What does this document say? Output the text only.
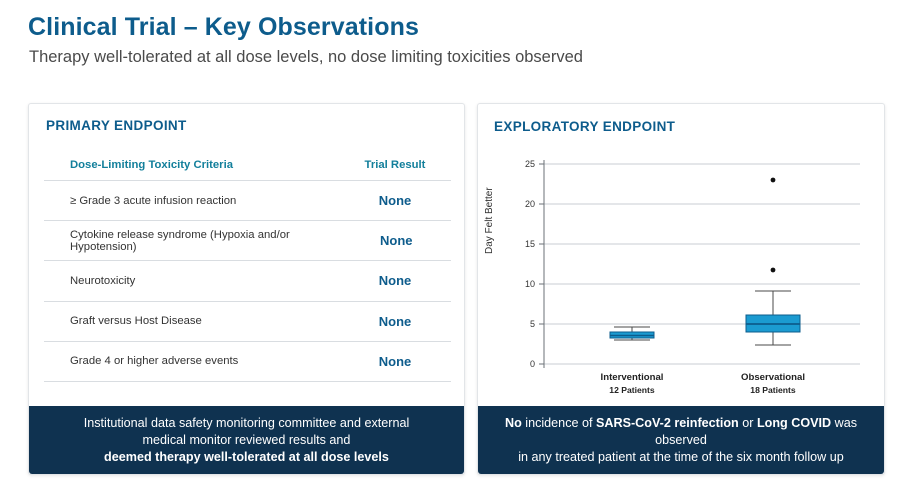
Clinical Trial – Key Observations
Therapy well-tolerated at all dose levels, no dose limiting toxicities observed
PRIMARY ENDPOINT
Dose-Limiting Toxicity Criteria	Trial Result
≥ Grade 3 acute infusion reaction	None
Cytokine release syndrome (Hypoxia and/or Hypotension)	None
Neurotoxicity	None
Graft versus Host Disease	None
Grade 4 or higher adverse events	None
Institutional data safety monitoring committee and external
medical monitor reviewed results and
deemed therapy well-tolerated at all dose levels
EXPLORATORY ENDPOINT
Day Felt Better
0
5
10
15
20
25
Interventional
12 Patients
Observational
18 Patients
No incidence of SARS-CoV-2 reinfection or Long COVID was observed
in any treated patient at the time of the six month follow up
